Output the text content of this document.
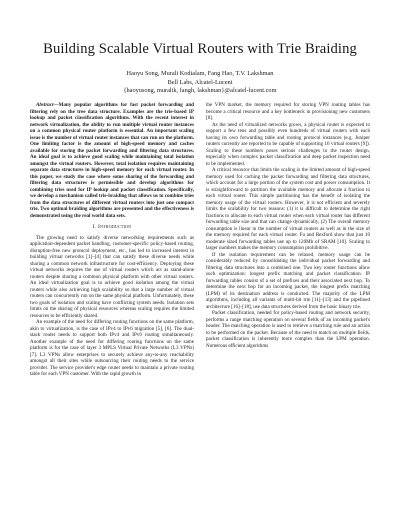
Building Scalable Virtual Routers with Trie Braiding
Haoyu Song, Murali Kodialam, Fang Hao, T.V. Lakshman
Bell Labs, Alcatel-Lucent
{haoyusong, muralik, fangh, lakshman}@alcatel-lucent.com

Abstract—Many popular algorithms for fast packet forwarding and filtering rely on the tree data structure. Examples are the trie-based IP lookup and packet classification algorithms. With the recent interest in network virtualization, the ability to run multiple virtual router instances on a common physical router platform is essential. An important scaling issue is the number of virtual router instances that can run on the platform. One limiting factor is the amount of high-speed memory and caches available for storing the packet forwarding and filtering data structures. An ideal goal is to achieve good scaling while maintaining total isolation amongst the virtual routers. However, total isolation requires maintaining separate data structures in high-speed memory for each virtual router. In this paper, we study the case where some sharing of the forwarding and filtering data structures is permissible and develop algorithms for combining tries used for IP lookup and packet classification. Specifically, we develop a mechanism called trie-braiding that allows us to combine tries from the data structures of different virtual routers into just one compact trie. Two optimal braiding algorithms are presented and the effectiveness is demonstrated using the real world data sets.

I. Introduction

The growing need to satisfy diverse networking requirements such as application-dependent packet handling, customer-specific policy-based routing, disruption-free new protocol deployment, etc., has led to increased interest in building virtual networks [1]–[4] that can satisfy these diverse needs while sharing a common network infrastructure for cost-efficiency. Deploying these virtual networks requires the use of virtual routers which act as stand-alone routers despite sharing a common physical platform with other virtual routers. An ideal virtualization goal is to achieve good isolation among the virtual routers while also achieving high scalability so that a large number of virtual routers can concurrently run on the same physical platform. Unfortunately, these two goals of isolation and scaling have conflicting system needs. Isolation sets limits on the sharing of physical resources whereas scaling requires the limited resources to be efficiently shared.

An example of the need for differing routing functions on the same platform, akin to virtualization, is the case of IPv4 to IPv6 migration [5], [6]. The dual-stack router needs to support both IPv4 and IPv6 routing simultaneously. Another example of the need for differing routing functions on the same platform is for the case of layer 3 MPLS Virtual Private Networks (L3 VPNs) [7]. L3 VPNs allow enterprises to securely achieve any-to-any reachability amongst all their sites while outsourcing their routing needs to the service provider. The service provider's edge router needs to maintain a private routing table for each VPN customer. With the rapid growth in

the VPN market, the memory required for storing VPN routing tables has become a critical resource and a key bottleneck in provisioning new customers [8].

As the need of virtualized networks grows, a physical router is expected to support a few tens and possibly even hundreds of virtual routers with each having its own forwarding table and routing protocol instances (e.g. Juniper routers currently are reported to be capable of supporting 16 virtual routers [9]). Scaling to these numbers poses serious challenges to the router design, especially when complex packet classification and deep packet inspection need to be implemented.

A critical resource that limits the scaling is the limited amount of high-speed memory used for caching the packet forwarding and filtering data structures, which account for a large portion of the system cost and power consumption. It is straightforward to partition the available memory and allocate a fraction to each virtual router. This simple partitioning has the benefit of isolating the memory usage of the virtual routers. However, it is not efficient and severely limits the scalability for two reasons: (1) it is difficult to determine the right fractions to allocate to each virtual router when each virtual router has different forwarding table size and that can change dynamically, (2) The overall memory consumption is linear in the number of virtual routers as well as in the size of the memory required for each virtual router. Fu and Rexford show that just 10 moderate sized forwarding tables use up to 120Mb of SRAM [10]. Scaling to larger numbers makes the memory consumption prohibitive.

If the isolation requirement can be relaxed, memory usage can be considerably reduced by consolidating the individual packet forwarding and filtering data structures into a combined one. Two key router functions allow such optimization: longest prefix matching and packet classification. IP forwarding tables consist of a set of prefixes and their associated next hop. To determine the next hop for an incoming packet, the longest prefix matching (LPM) of its destination address is conducted. The majority of the LPM algorithms, including all variants of multi-bit trie [11]–[13] and the pipelined architecture [16]–[18], use data structures derived from the basic binary trie.

Packet classification, needed for policy-based routing and network security, performs a range matching operation on several fields of an incoming packet's header. The matching operation is used to retrieve a matching rule and an action to be performed on the packet. Because of the need to match on multiple fields, packet classification is inherently more complex than the LPM operation. Numerous efficient algorithms
